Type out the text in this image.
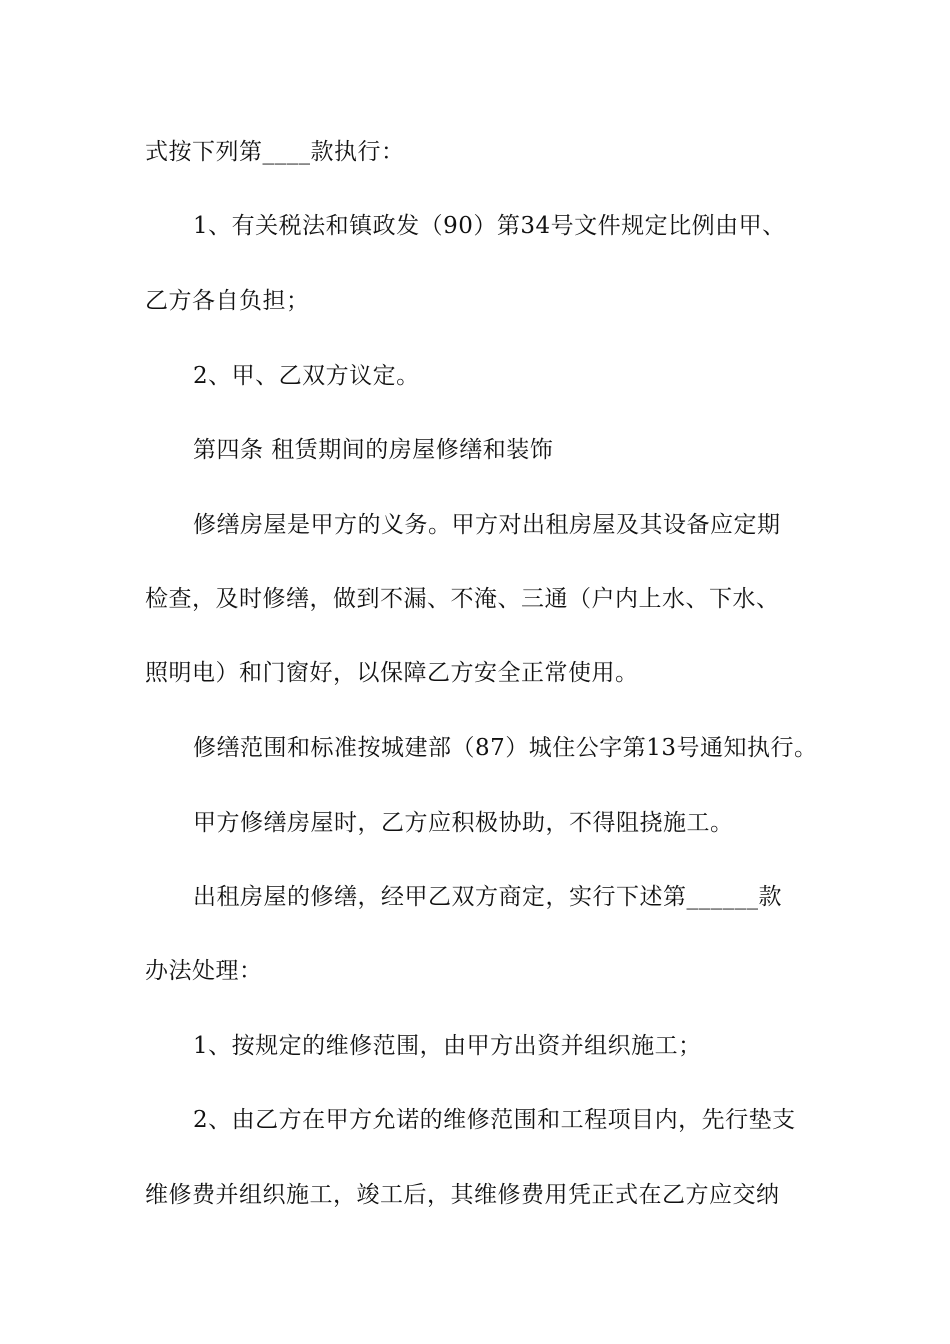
式按下列第____款执行：
1、有关税法和镇政发（90）第34号文件规定比例由甲、
乙方各自负担；
2、甲、乙双方议定。
第四条 租赁期间的房屋修缮和装饰
修缮房屋是甲方的义务。甲方对出租房屋及其设备应定期
检查，及时修缮，做到不漏、不淹、三通（户内上水、下水、
照明电）和门窗好，以保障乙方安全正常使用。
修缮范围和标准按城建部（87）城住公字第13号通知执行。
甲方修缮房屋时，乙方应积极协助，不得阻挠施工。
出租房屋的修缮，经甲乙双方商定，实行下述第______款
办法处理：
1、按规定的维修范围，由甲方出资并组织施工；
2、由乙方在甲方允诺的维修范围和工程项目内，先行垫支
维修费并组织施工，竣工后，其维修费用凭正式在乙方应交纳
